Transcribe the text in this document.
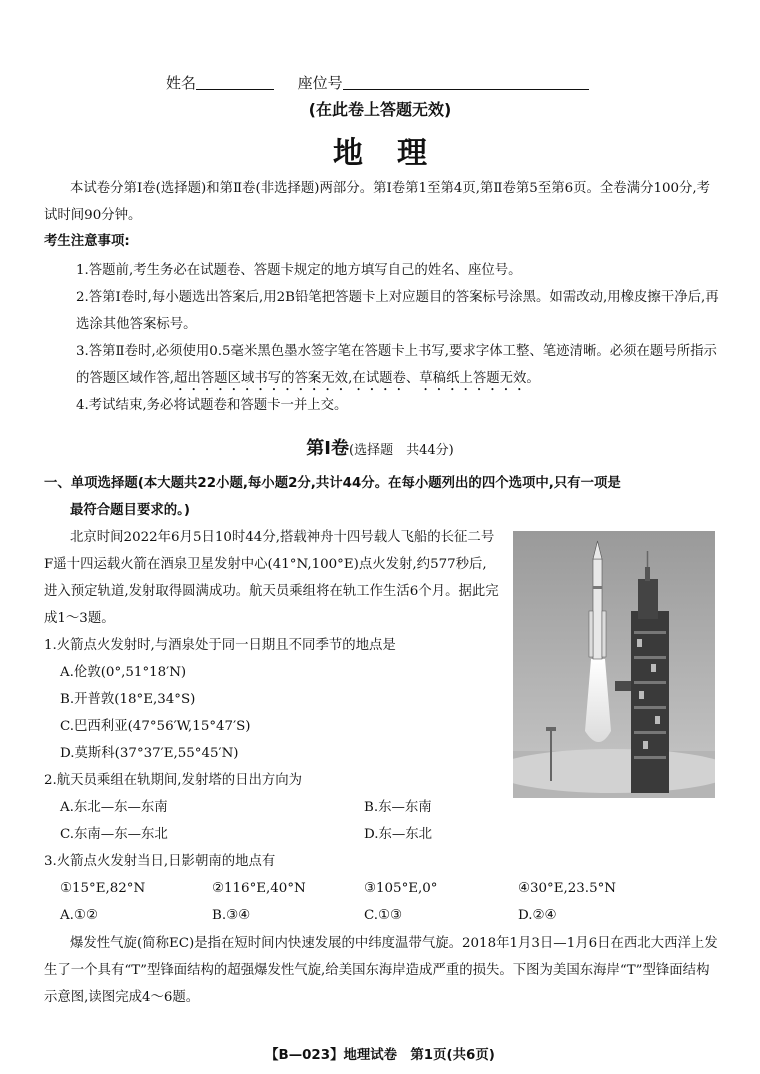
姓名	座位号
(在此卷上答题无效)
地理
本试卷分第Ⅰ卷(选择题)和第Ⅱ卷(非选择题)两部分。第Ⅰ卷第1至第4页,第Ⅱ卷第5至第6页。全卷满分100分,考试时间90分钟。
考生注意事项:
1.答题前,考生务必在试题卷、答题卡规定的地方填写自己的姓名、座位号。
2.答第Ⅰ卷时,每小题选出答案后,用2B铅笔把答题卡上对应题目的答案标号涂黑。如需改动,用橡皮擦干净后,再选涂其他答案标号。
3.答第Ⅱ卷时,必须使用0.5毫米黑色墨水签字笔在答题卡上书写,要求字体工整、笔迹清晰。必须在题号所指示的答题区域作答,超出答题区域书写的答案无效,在试题卷、草稿纸上答题无效。
4.考试结束,务必将试题卷和答题卡一并上交。
第Ⅰ卷(选择题　共44分)
一、单项选择题(本大题共22小题,每小题2分,共计44分。在每小题列出的四个选项中,只有一项是
最符合题目要求的。)
北京时间2022年6月5日10时44分,搭载神舟十四号载人飞船的长征二号F遥十四运载火箭在酒泉卫星发射中心(41°N,100°E)点火发射,约577秒后,进入预定轨道,发射取得圆满成功。航天员乘组将在轨工作生活6个月。据此完成1～3题。
1.火箭点火发射时,与酒泉处于同一日期且不同季节的地点是
A.伦敦(0°,51°18′N)
B.开普敦(18°E,34°S)
C.巴西利亚(47°56′W,15°47′S)
D.莫斯科(37°37′E,55°45′N)
2.航天员乘组在轨期间,发射塔的日出方向为
A.东北—东—东南	B.东—东南
C.东南—东—东北	D.东—东北
3.火箭点火发射当日,日影朝南的地点有
①15°E,82°N	②116°E,40°N	③105°E,0°	④30°E,23.5°N
A.①②	B.③④	C.①③	D.②④
爆发性气旋(简称EC)是指在短时间内快速发展的中纬度温带气旋。2018年1月3日—1月6日在西北大西洋上发生了一个具有“T”型锋面结构的超强爆发性气旋,给美国东海岸造成严重的损失。下图为美国东海岸“T”型锋面结构示意图,读图完成4～6题。
【B—023】地理试卷　第1页(共6页)
